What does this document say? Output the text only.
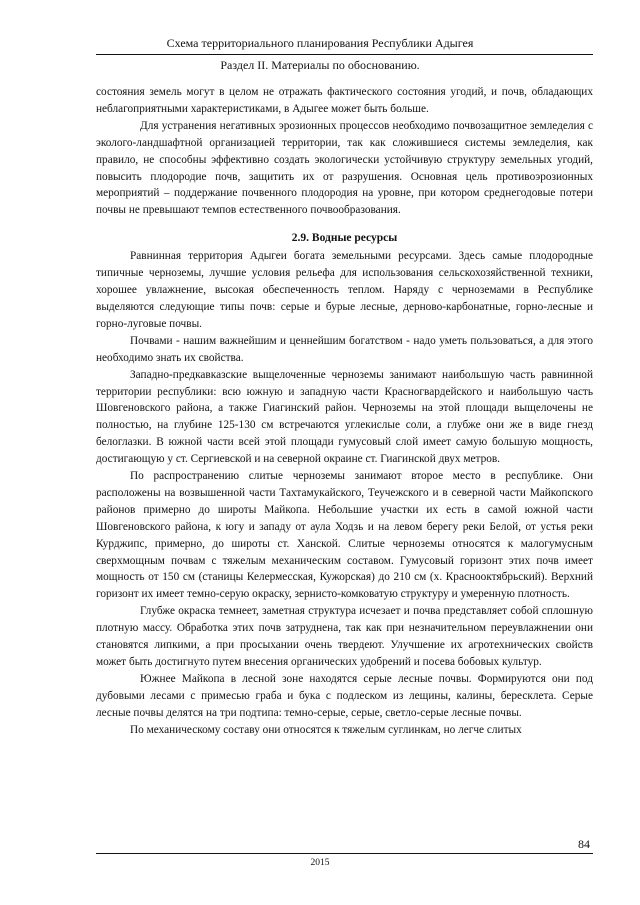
Схема территориального планирования Республики Адыгея
Раздел II. Материалы по обоснованию.

состояния земель могут в целом не отражать фактического состояния угодий, и почв, обладающих неблагоприятными характеристиками, в Адыгее может быть больше.

Для устранения негативных эрозионных процессов необходимо почвозащитное земледелия с эколого-ландшафтной организацией территории, так как сложившиеся системы земледелия, как правило, не способны эффективно создать экологически устойчивую структуру земельных угодий, повысить плодородие почв, защитить их от разрушения. Основная цель противоэрозионных мероприятий – поддержание почвенного плодородия на уровне, при котором среднегодовые потери почвы не превышают темпов естественного почвообразования.

2.9. Водные ресурсы

Равнинная территория Адыгеи богата земельными ресурсами. Здесь самые плодородные типичные черноземы, лучшие условия рельефа для использования сельскохозяйственной техники, хорошее увлажнение, высокая обеспеченность теплом. Наряду с черноземами в Республике выделяются следующие типы почв: серые и бурые лесные, дерново-карбонатные, горно-лесные и горно-луговые почвы.

Почвами - нашим важнейшим и ценнейшим богатством - надо уметь пользоваться, а для этого необходимо знать их свойства.

Западно-предкавказские выщелоченные черноземы занимают наибольшую часть равнинной территории республики: всю южную и западную части Красногвардейского и наибольшую часть Шовгеновского района, а также Гиагинский район. Черноземы на этой площади выщелочены не полностью, на глубине 125-130 см встречаются углекислые соли, а глубже они же в виде гнезд белоглазки. В южной части всей этой площади гумусовый слой имеет самую большую мощность, достигающую у ст. Сергиевской и на северной окраине ст. Гиагинской двух метров.

По распространению слитые черноземы занимают второе место в республике. Они расположены на возвышенной части Тахтамукайского, Теучежского и в северной части Майкопского районов примерно до широты Майкопа. Небольшие участки их есть в самой южной части Шовгеновского района, к югу и западу от аула Ходзь и на левом берегу реки Белой, от устья реки Курджипс, примерно, до широты ст. Ханской. Слитые черноземы относятся к малогумусным сверхмощным почвам с тяжелым механическим составом. Гумусовый горизонт этих почв имеет мощность от 150 см (станицы Келермесская, Кужорская) до 210 см (х. Краснооктябрьский). Верхний горизонт их имеет темно-серую окраску, зернисто-комковатую структуру и умеренную плотность.

Глубже окраска темнеет, заметная структура исчезает и почва представляет собой сплошную плотную массу. Обработка этих почв затруднена, так как при незначительном переувлажнении они становятся липкими, а при просыхании очень твердеют. Улучшение их агротехнических свойств может быть достигнуто путем внесения органических удобрений и посева бобовых культур.

Южнее Майкопа в лесной зоне находятся серые лесные почвы. Формируются они под дубовыми лесами с примесью граба и бука с подлеском из лещины, калины, бересклета. Серые лесные почвы делятся на три подтипа: темно-серые, серые, светло-серые лесные почвы.

По механическому составу они относятся к тяжелым суглинкам, но легче слитых

84
2015
